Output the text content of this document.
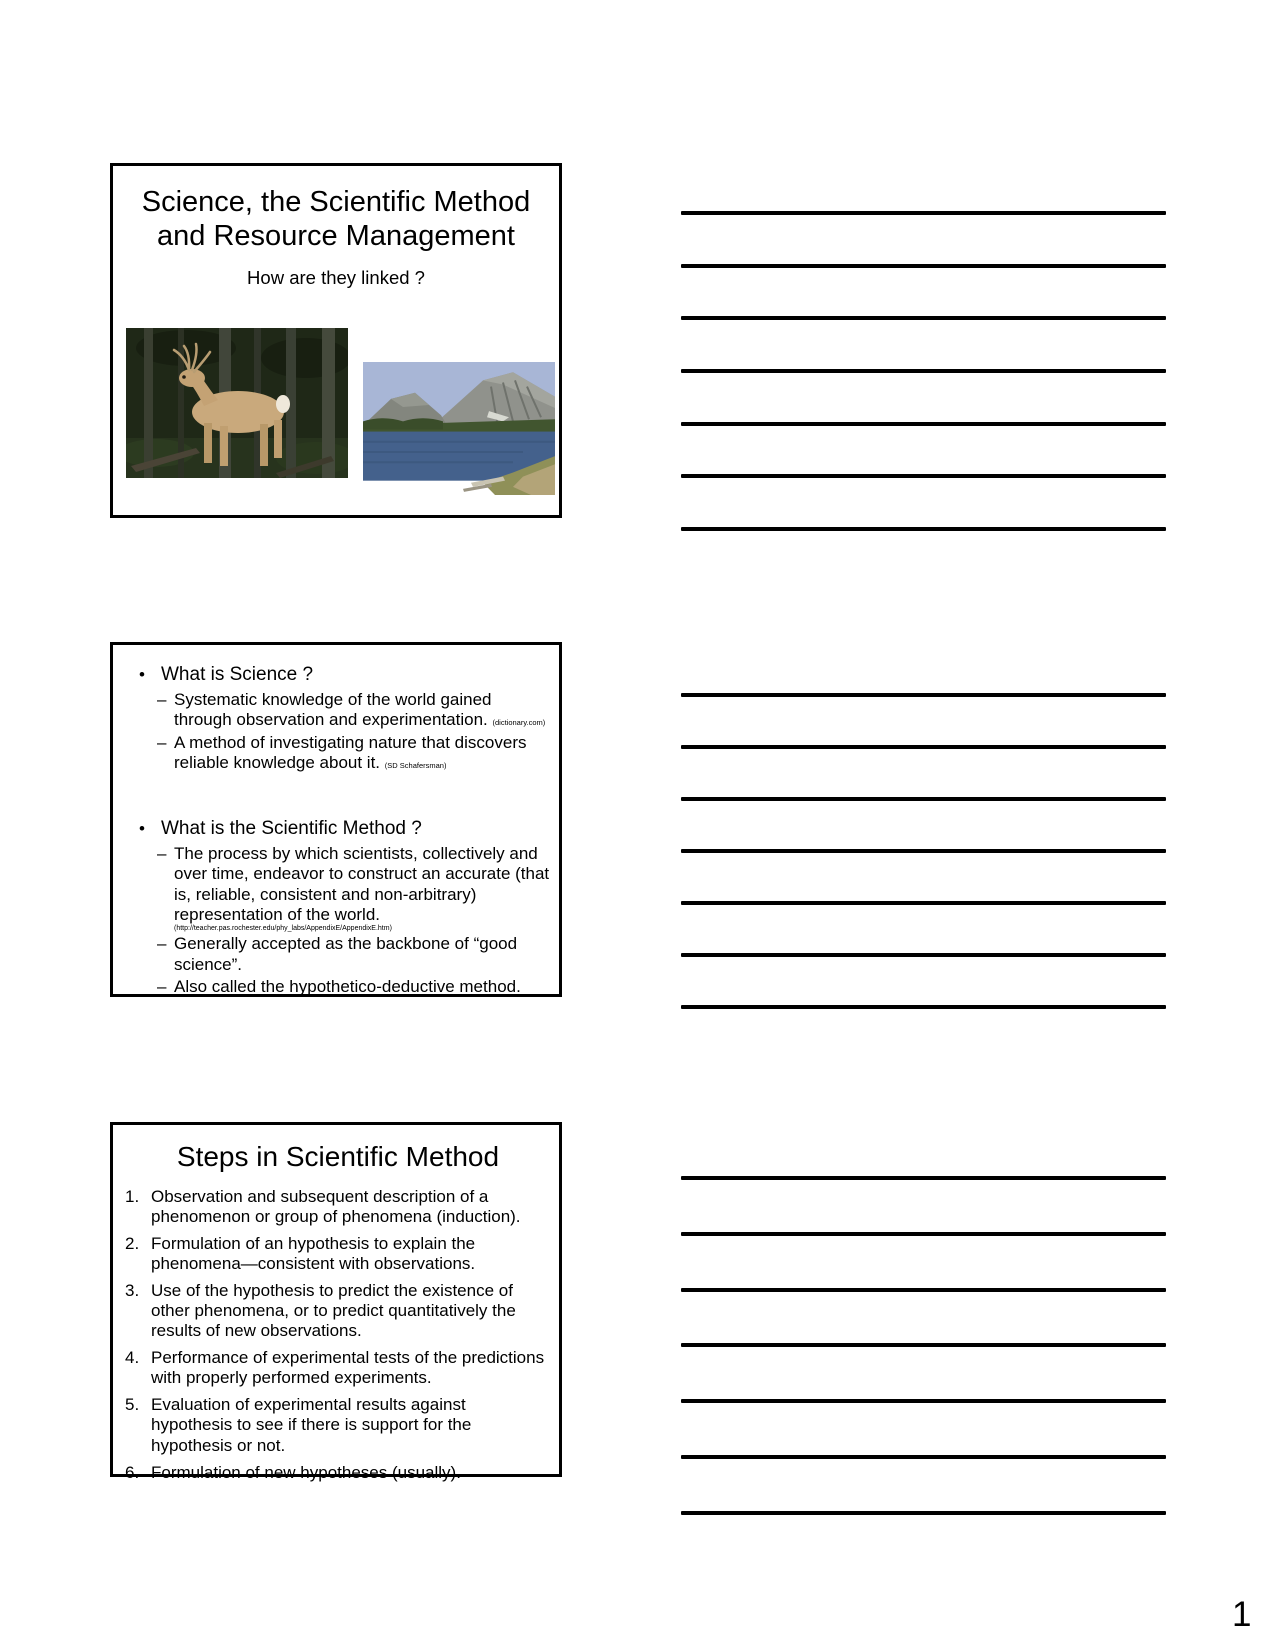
Science, the Scientific Method
and Resource Management
How are they linked ?
• What is Science ?
– Systematic knowledge of the world gained through observation and experimentation. (dictionary.com)
– A method of investigating nature that discovers reliable knowledge about it. (SD Schafersman)
• What is the Scientific Method ?
– The process by which scientists, collectively and over time, endeavor to construct an accurate (that is, reliable, consistent and non-arbitrary) representation of the world.
(http://teacher.pas.rochester.edu/phy_labs/AppendixE/AppendixE.htm)
– Generally accepted as the backbone of “good science”.
– Also called the hypothetico-deductive method.
Steps in Scientific Method
1. Observation and subsequent description of a phenomenon or group of phenomena (induction).
2. Formulation of an hypothesis to explain the phenomena—consistent with observations.
3. Use of the hypothesis to predict the existence of other phenomena, or to predict quantitatively the results of new observations.
4. Performance of experimental tests of the predictions with properly performed experiments.
5. Evaluation of experimental results against hypothesis to see if there is support for the hypothesis or not.
6. Formulation of new hypotheses (usually).
1
